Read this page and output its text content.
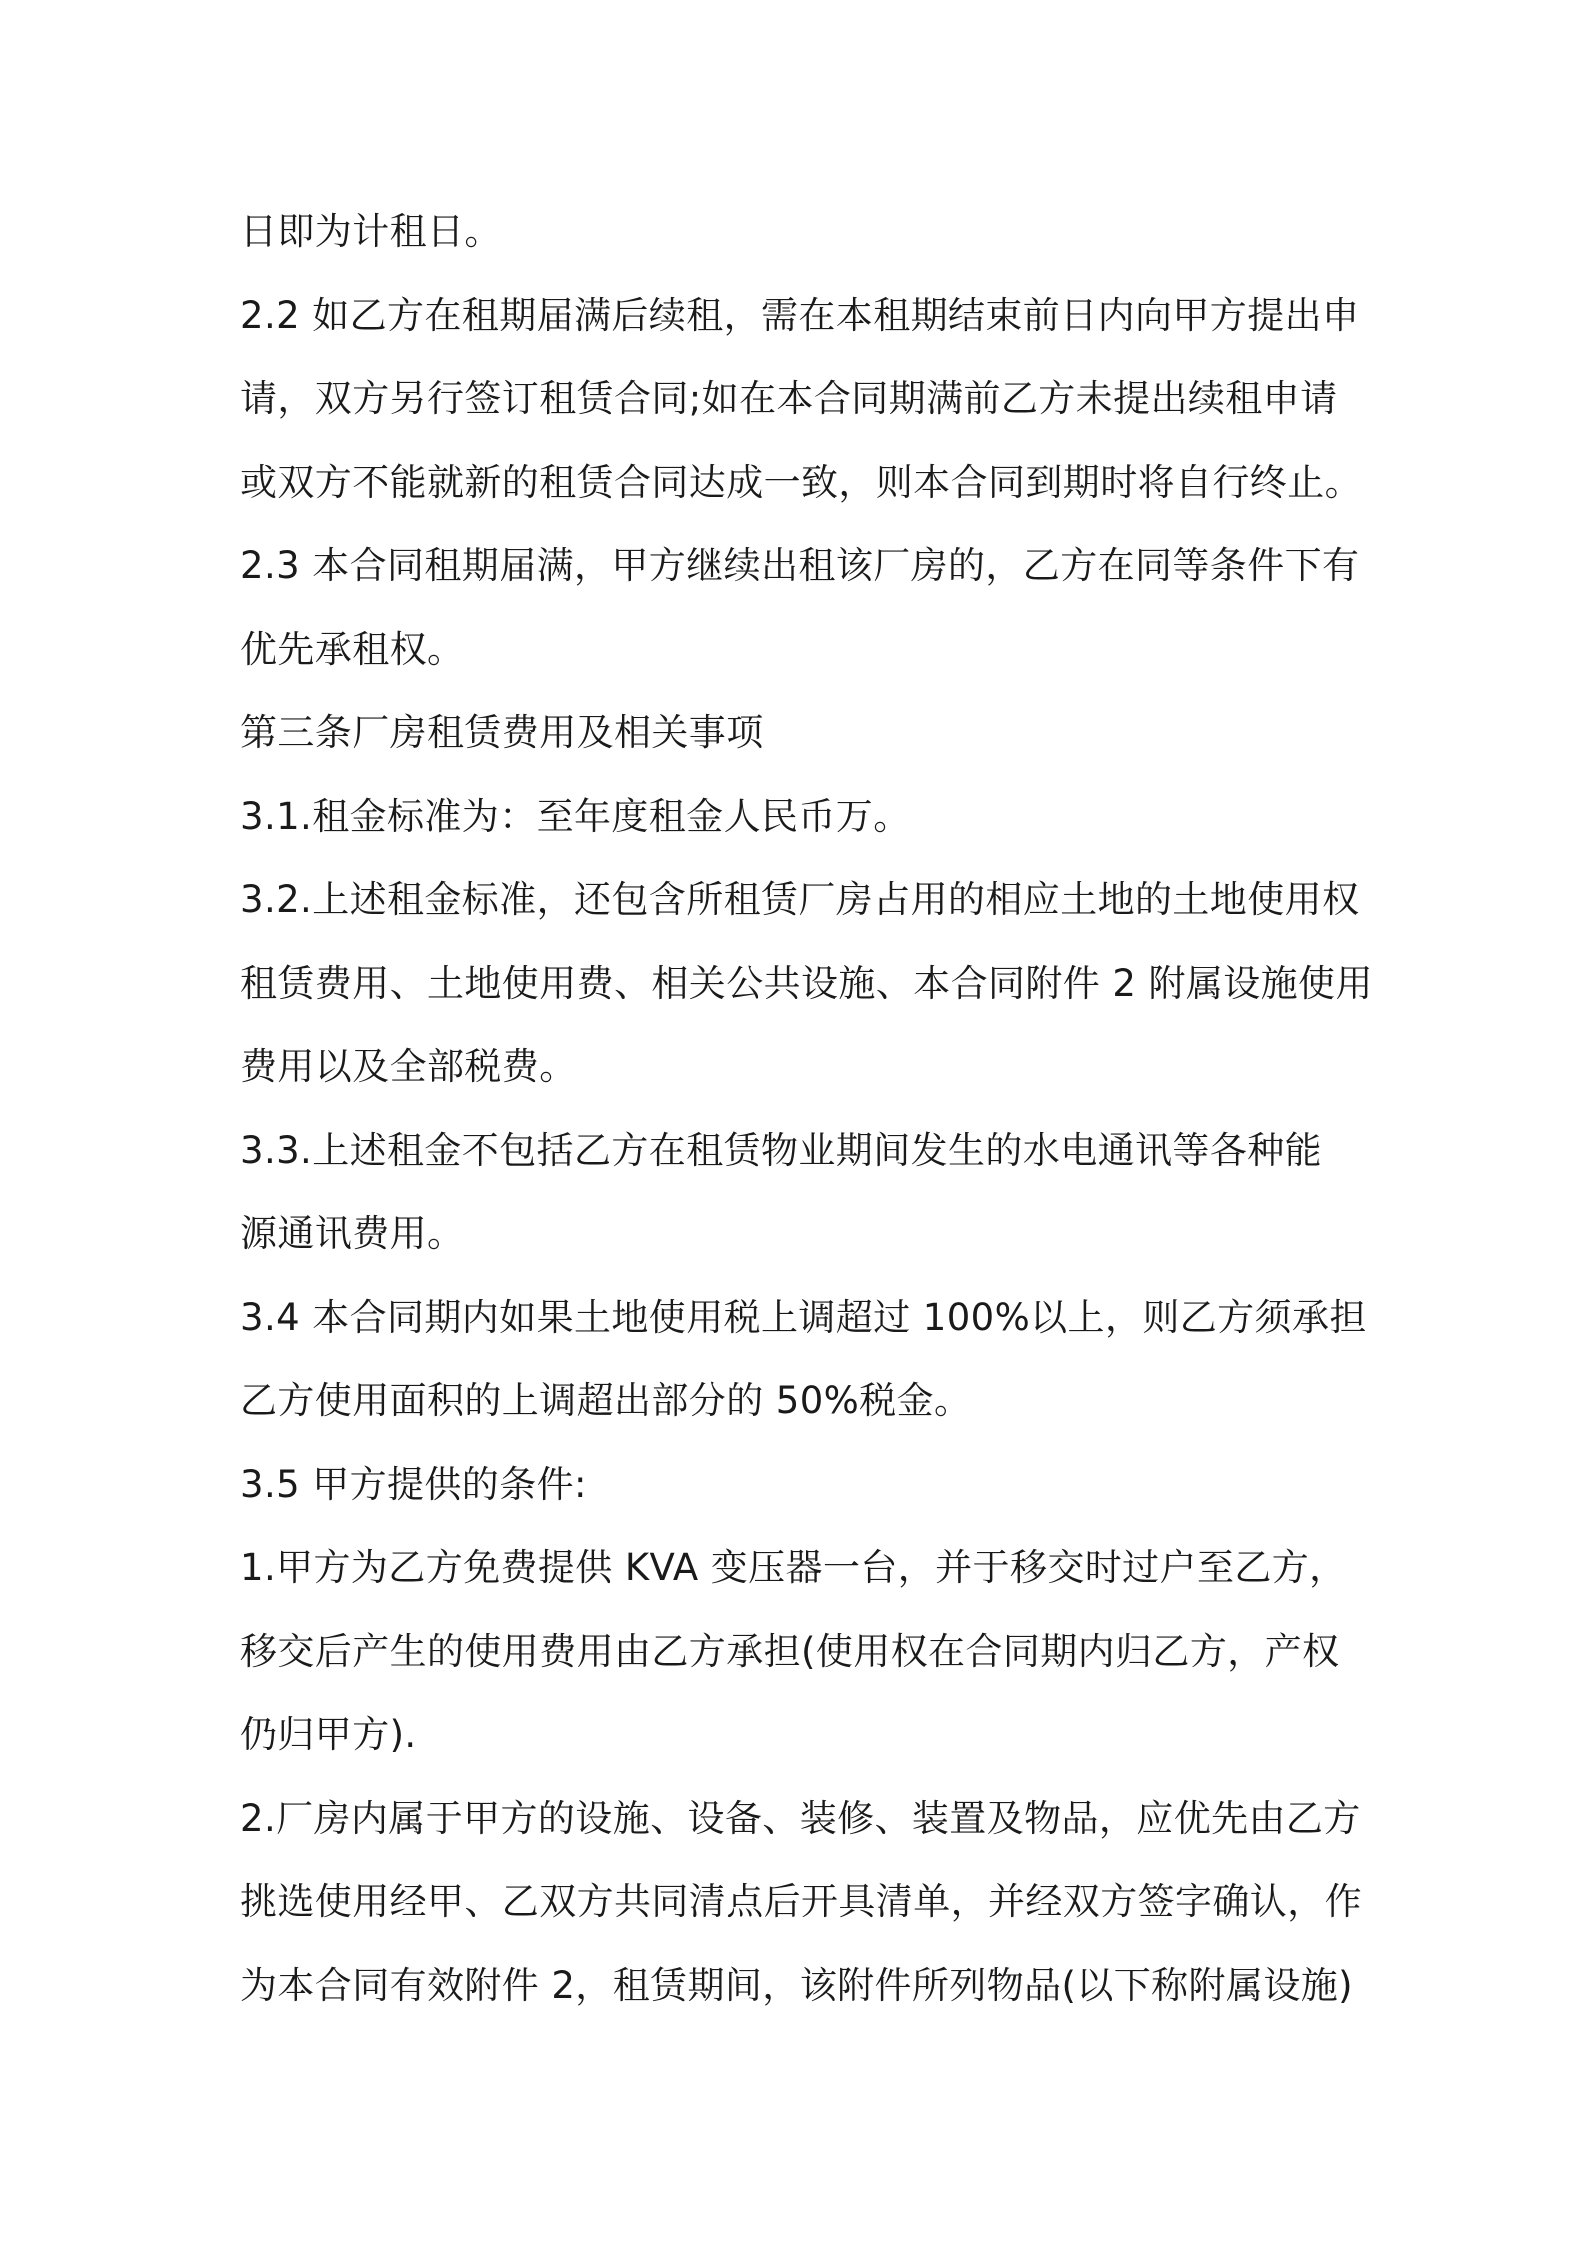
日即为计租日。
2.2 如乙方在租期届满后续租，需在本租期结束前日内向甲方提出申
请，双方另行签订租赁合同;如在本合同期满前乙方未提出续租申请
或双方不能就新的租赁合同达成一致，则本合同到期时将自行终止。
2.3 本合同租期届满，甲方继续出租该厂房的，乙方在同等条件下有
优先承租权。
第三条厂房租赁费用及相关事项
3.1.租金标准为：至年度租金人民币万。
3.2.上述租金标准，还包含所租赁厂房占用的相应土地的土地使用权
租赁费用、土地使用费、相关公共设施、本合同附件 2 附属设施使用
费用以及全部税费。
3.3.上述租金不包括乙方在租赁物业期间发生的水电通讯等各种能
源通讯费用。
3.4 本合同期内如果土地使用税上调超过 100%以上，则乙方须承担
乙方使用面积的上调超出部分的 50%税金。
3.5 甲方提供的条件:
1.甲方为乙方免费提供 KVA 变压器一台，并于移交时过户至乙方，
移交后产生的使用费用由乙方承担(使用权在合同期内归乙方，产权
仍归甲方).
2.厂房内属于甲方的设施、设备、装修、装置及物品，应优先由乙方
挑选使用经甲、乙双方共同清点后开具清单，并经双方签字确认，作
为本合同有效附件 2，租赁期间，该附件所列物品(以下称附属设施)
